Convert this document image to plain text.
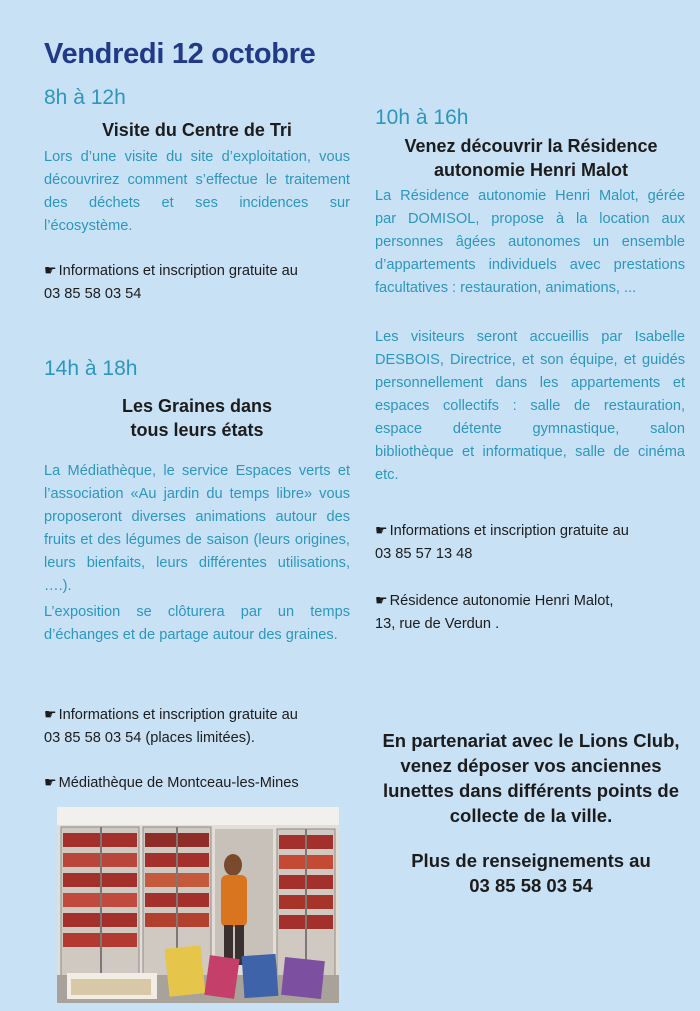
Vendredi 12 octobre
8h à 12h
Visite du Centre de Tri
Lors d’une visite du site d’exploitation, vous découvrirez comment s’effectue le traitement des déchets et ses incidences sur l’écosystème.
☛ Informations et inscription gratuite au
03 85 58 03 54
14h à 18h
Les Graines dans
tous leurs états
La Médiathèque, le service Espaces verts et l’association «Au jardin du temps libre» vous proposeront diverses animations autour des fruits et des légumes de saison (leurs origines, leurs bienfaits, leurs différentes utilisations, ….).
L’exposition se clôturera par un temps d’échanges et de partage autour des graines.
☛ Informations et inscription gratuite au
03 85 58 03 54 (places limitées).
☛ Médiathèque de Montceau-les-Mines
10h à 16h
Venez découvrir la Résidence
autonomie Henri Malot
La Résidence autonomie Henri Malot, gérée par DOMISOL, propose à la location aux personnes âgées autonomes un ensemble d’appartements individuels avec prestations facultatives : restauration, animations, ...
Les visiteurs seront accueillis par Isabelle DESBOIS, Directrice, et son équipe, et guidés personnellement dans les appartements et espaces collectifs : salle de restauration, espace détente gymnastique, salon bibliothèque et informatique, salle de cinéma etc.
☛ Informations et inscription gratuite au
03 85 57 13 48
☛ Résidence autonomie Henri Malot,
13, rue de Verdun .
En partenariat avec le Lions Club, venez déposer vos anciennes lunettes dans différents points de collecte de la ville.
Plus de renseignements au
03 85 58 03 54
